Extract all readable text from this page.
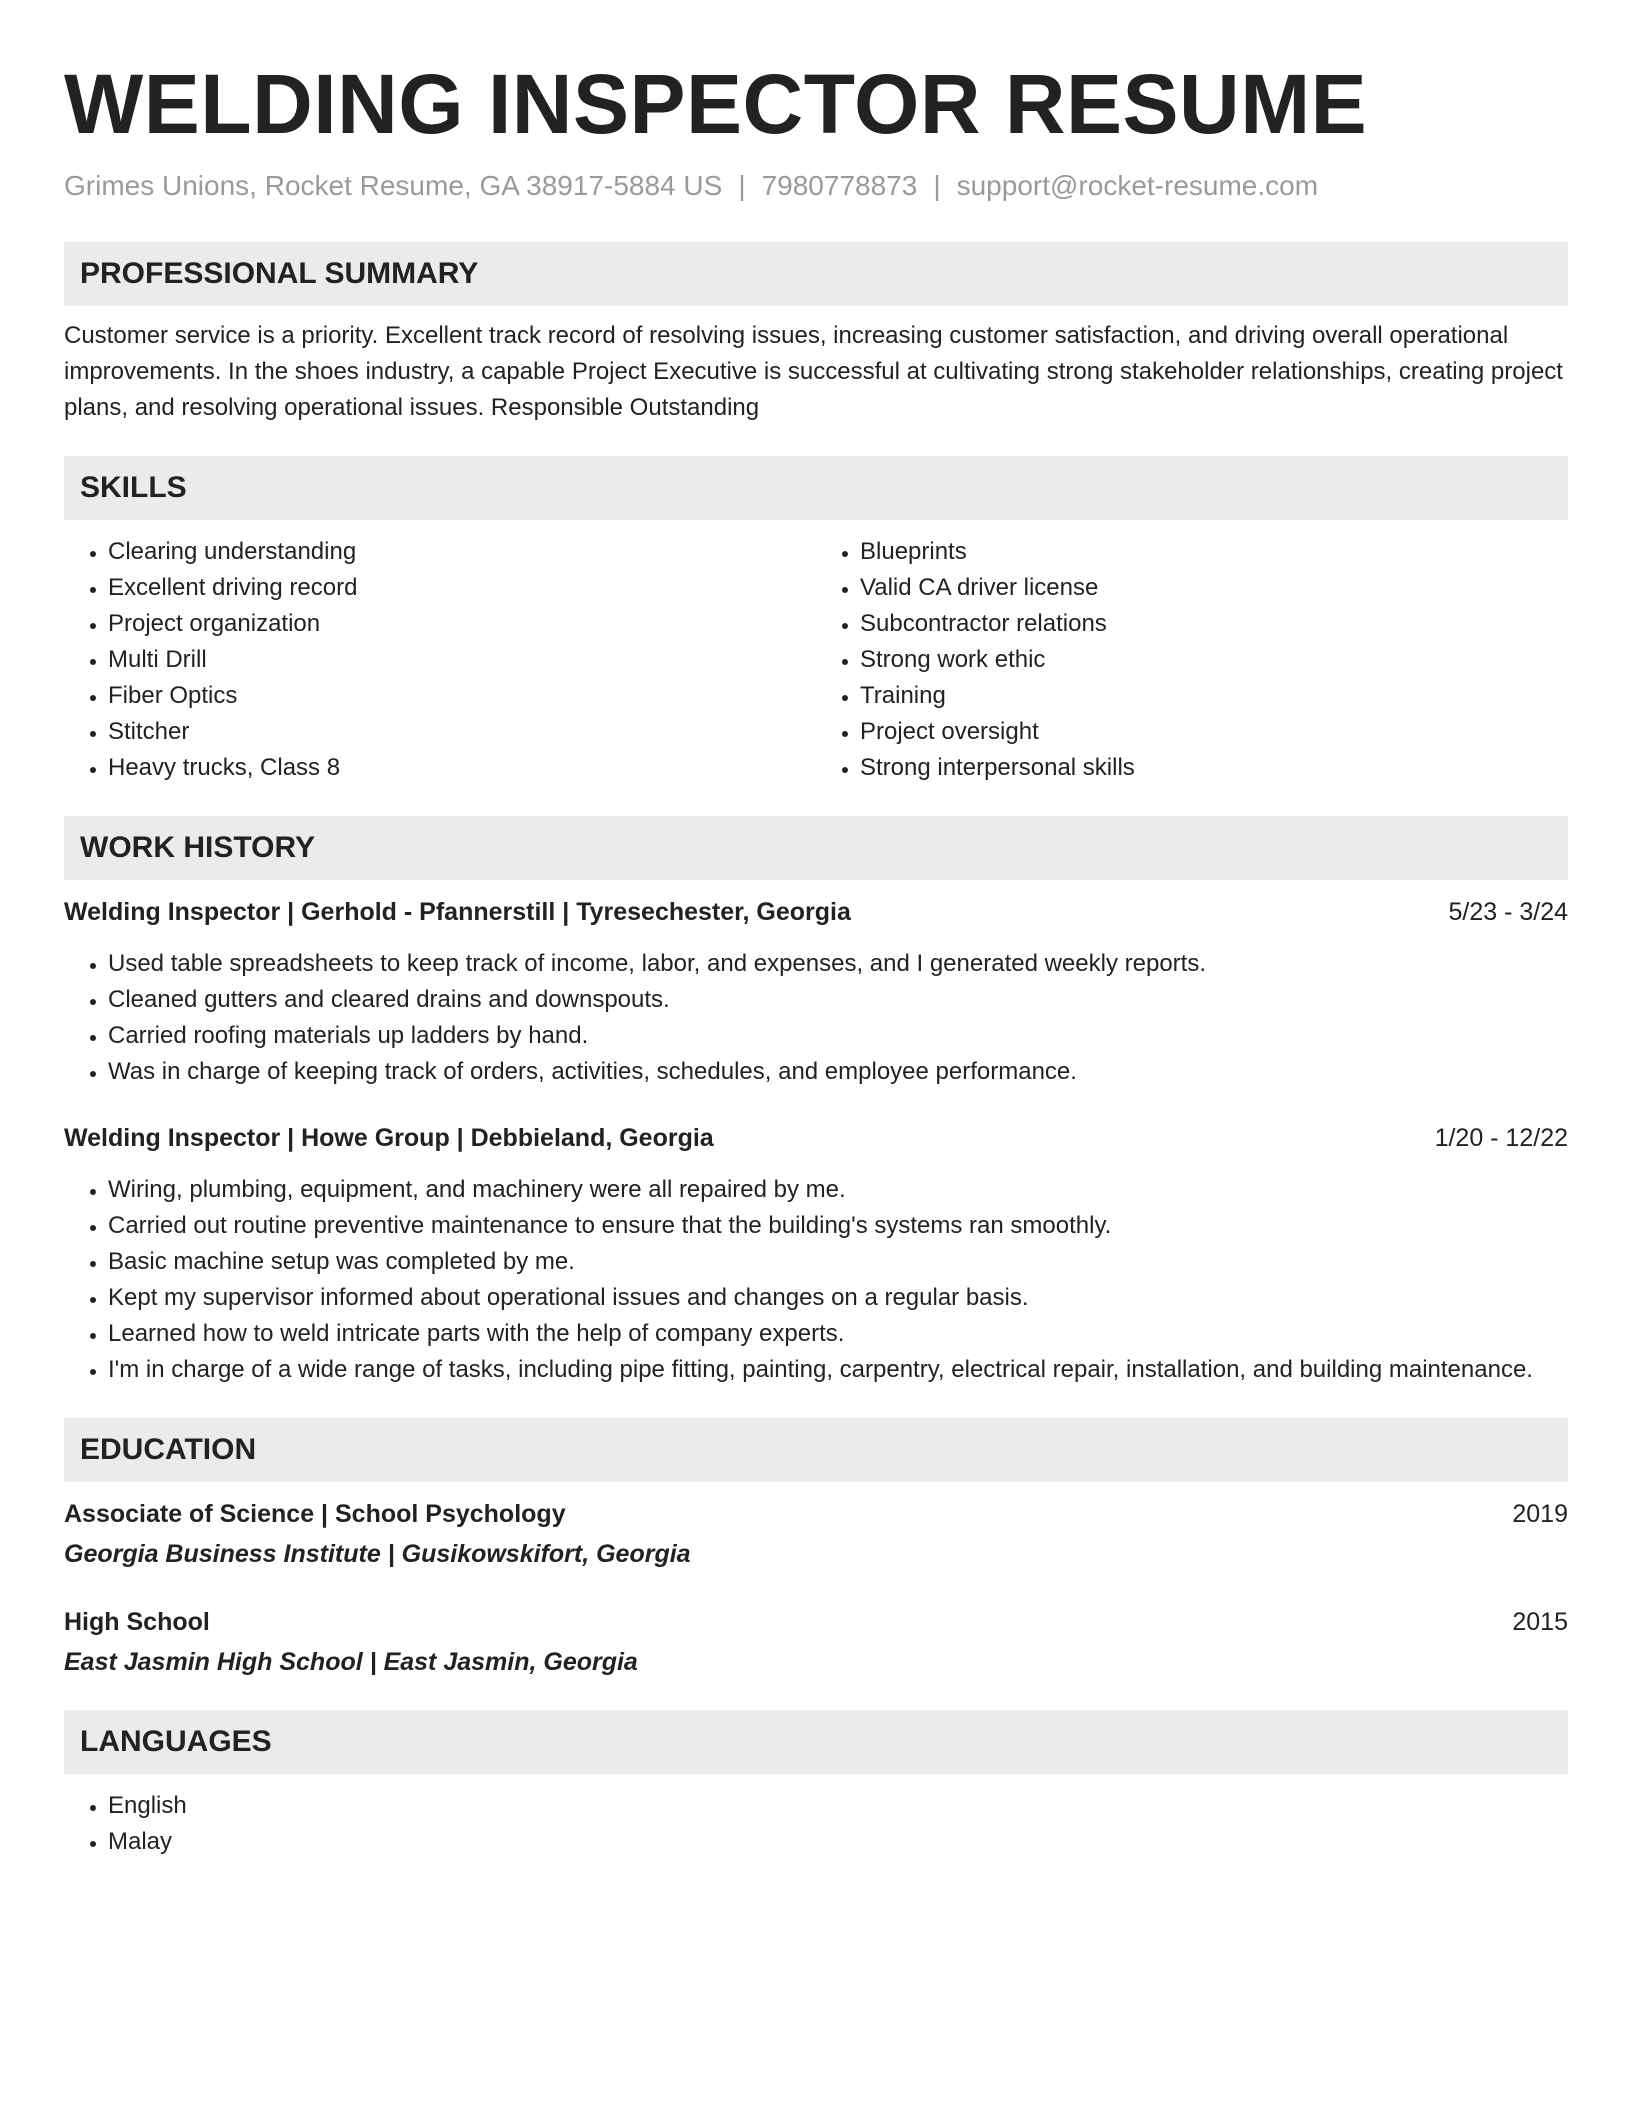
WELDING INSPECTOR RESUME
Grimes Unions, Rocket Resume, GA 38917-5884 US | 7980778873 | support@rocket-resume.com
PROFESSIONAL SUMMARY

Customer service is a priority. Excellent track record of resolving issues, increasing customer satisfaction, and driving overall operational improvements. In the shoes industry, a capable Project Executive is successful at cultivating strong stakeholder relationships, creating project plans, and resolving operational issues. Responsible Outstanding

SKILLS
• Clearing understanding
• Excellent driving record
• Project organization
• Multi Drill
• Fiber Optics
• Stitcher
• Heavy trucks, Class 8
• Blueprints
• Valid CA driver license
• Subcontractor relations
• Strong work ethic
• Training
• Project oversight
• Strong interpersonal skills
WORK HISTORY
Welding Inspector | Gerhold - Pfannerstill | Tyresechester, Georgia	5/23 - 3/24
• Used table spreadsheets to keep track of income, labor, and expenses, and I generated weekly reports.
• Cleaned gutters and cleared drains and downspouts.
• Carried roofing materials up ladders by hand.
• Was in charge of keeping track of orders, activities, schedules, and employee performance.
Welding Inspector | Howe Group | Debbieland, Georgia	1/20 - 12/22
• Wiring, plumbing, equipment, and machinery were all repaired by me.
• Carried out routine preventive maintenance to ensure that the building's systems ran smoothly.
• Basic machine setup was completed by me.
• Kept my supervisor informed about operational issues and changes on a regular basis.
• Learned how to weld intricate parts with the help of company experts.
• I'm in charge of a wide range of tasks, including pipe fitting, painting, carpentry, electrical repair, installation, and building maintenance.
EDUCATION
Associate of Science | School Psychology	2019
Georgia Business Institute | Gusikowskifort, Georgia
High School	2015
East Jasmin High School | East Jasmin, Georgia
LANGUAGES
• English
• Malay
